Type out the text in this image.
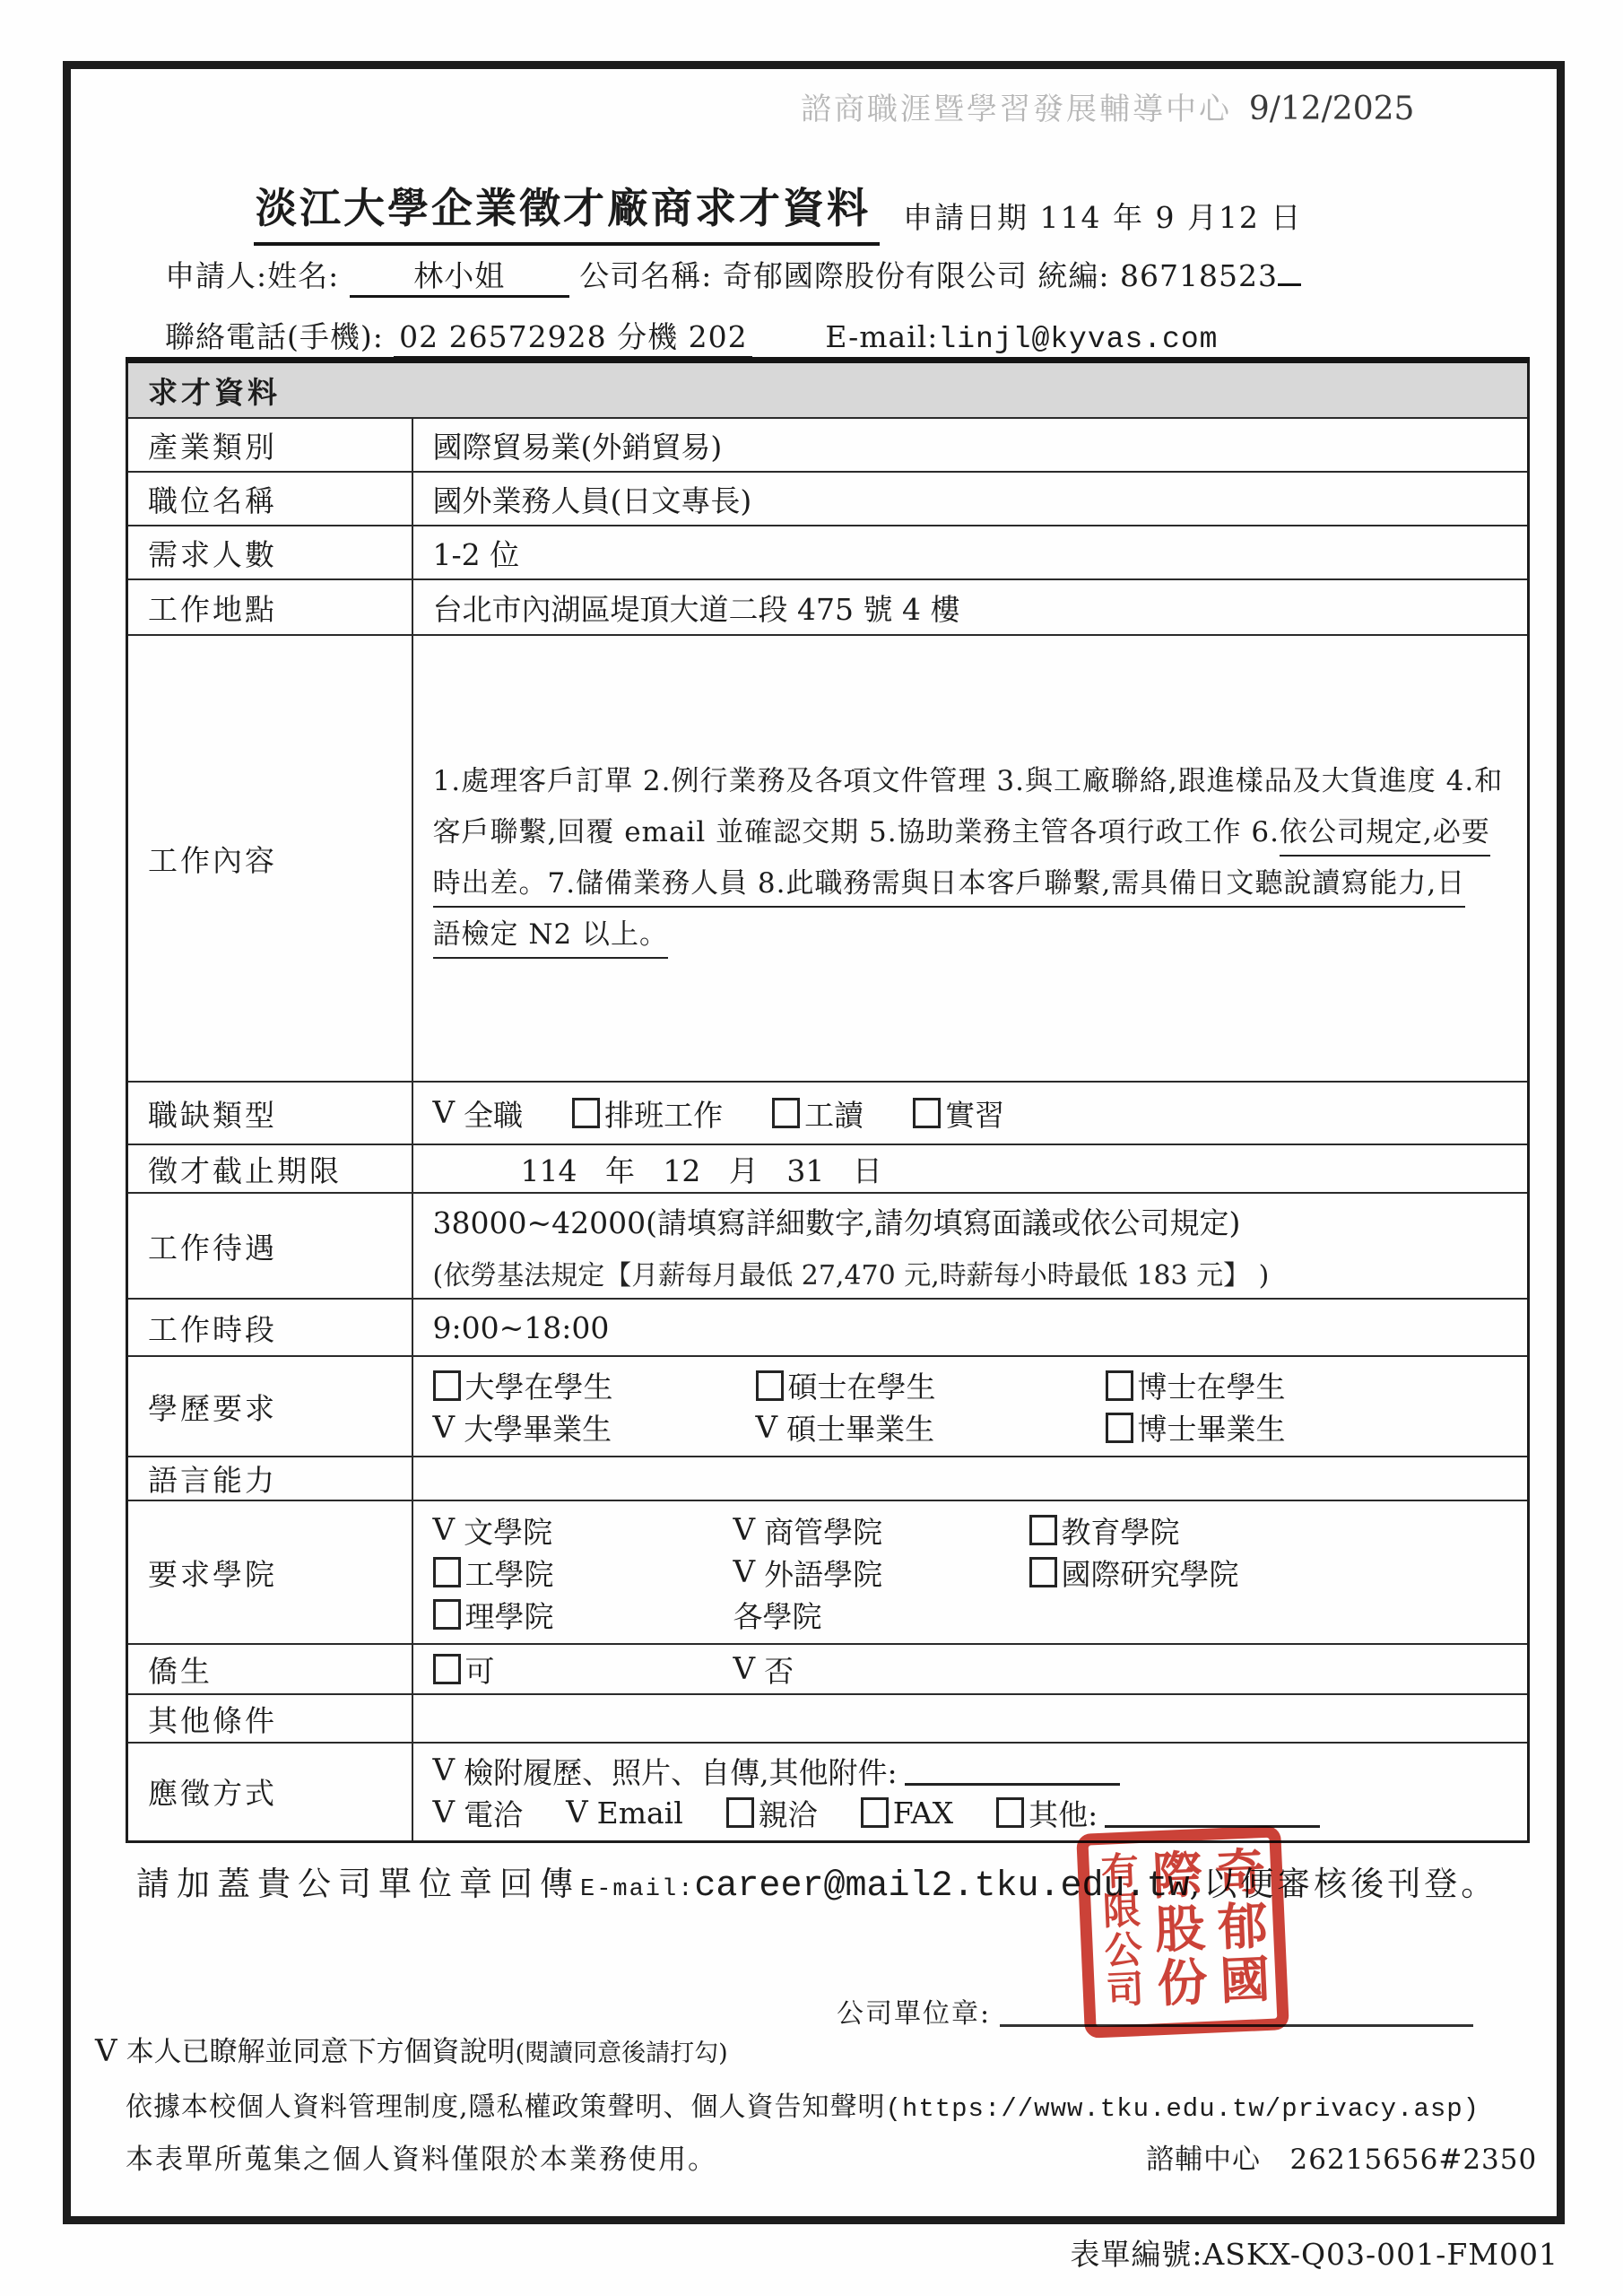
諮商職涯暨學習發展輔導中心 9/12/2025
淡江大學企業徵才廠商求才資料	申請日期 114 年 9 月12 日
申請人:姓名:	林小姐	公司名稱: 奇郁國際股份有限公司 統編: 86718523
聯絡電話(手機): 02 26572928 分機 202	E-mail:linjl@kyvas.com
求才資料	
產業類別	國際貿易業(外銷貿易)
職位名稱	國外業務人員(日文專長)
需求人數	1-2 位
工作地點	台北市內湖區堤頂大道二段 475 號 4 樓
工作內容	1.處理客戶訂單 2.例行業務及各項文件管理 3.與工廠聯絡,跟進樣品及大貨進度 4.和
客戶聯繫,回覆 email 並確認交期 5.協助業務主管各項行政工作 6.依公司規定,必要
時出差。7.儲備業務人員 8.此職務需與日本客戶聯繫,需具備日文聽說讀寫能力,日
語檢定 N2 以上。

職缺類型	V 全職 排班工作 工讀 實習

徵才截止期限	114   年   12   月   31   日
工作待遇	38000~42000(請填寫詳細數字,請勿填寫面議或依公司規定)
(依勞基法規定【月薪每月最低 27,470 元,時薪每小時最低 183 元】 )

工作時段	9:00~18:00
學歷要求	
大學在學生	碩士在學生	博士在學生
V 大學畢業生	V 碩士畢業生	博士畢業生

語言能力	
要求學院	
V 文學院	V 商管學院	教育學院
工學院	V 外語學院	國際研究學院
理學院	各學院

僑生	可 V 否

其他條件	
應徵方式	
V 檢附履歷、照片、自傳,其他附件:
V 電洽 V Email	親洽	FAX	其他:
請加蓋貴公司單位章回傳 E-mail: career@mail2.tku.edu.tw ,以便審核後刊登。
公司單位章:
V 本人已瞭解並同意下方個資說明(閱讀同意後請打勾)
依據本校個人資料管理制度,隱私權政策聲明、個人資告知聲明(https://www.tku.edu.tw/privacy.asp)
本表單所蒐集之個人資料僅限於本業務使用。	諮輔中心   26215656#2350
奇郁國
際股份
有限公司
表單編號:ASKX-Q03-001-FM001
